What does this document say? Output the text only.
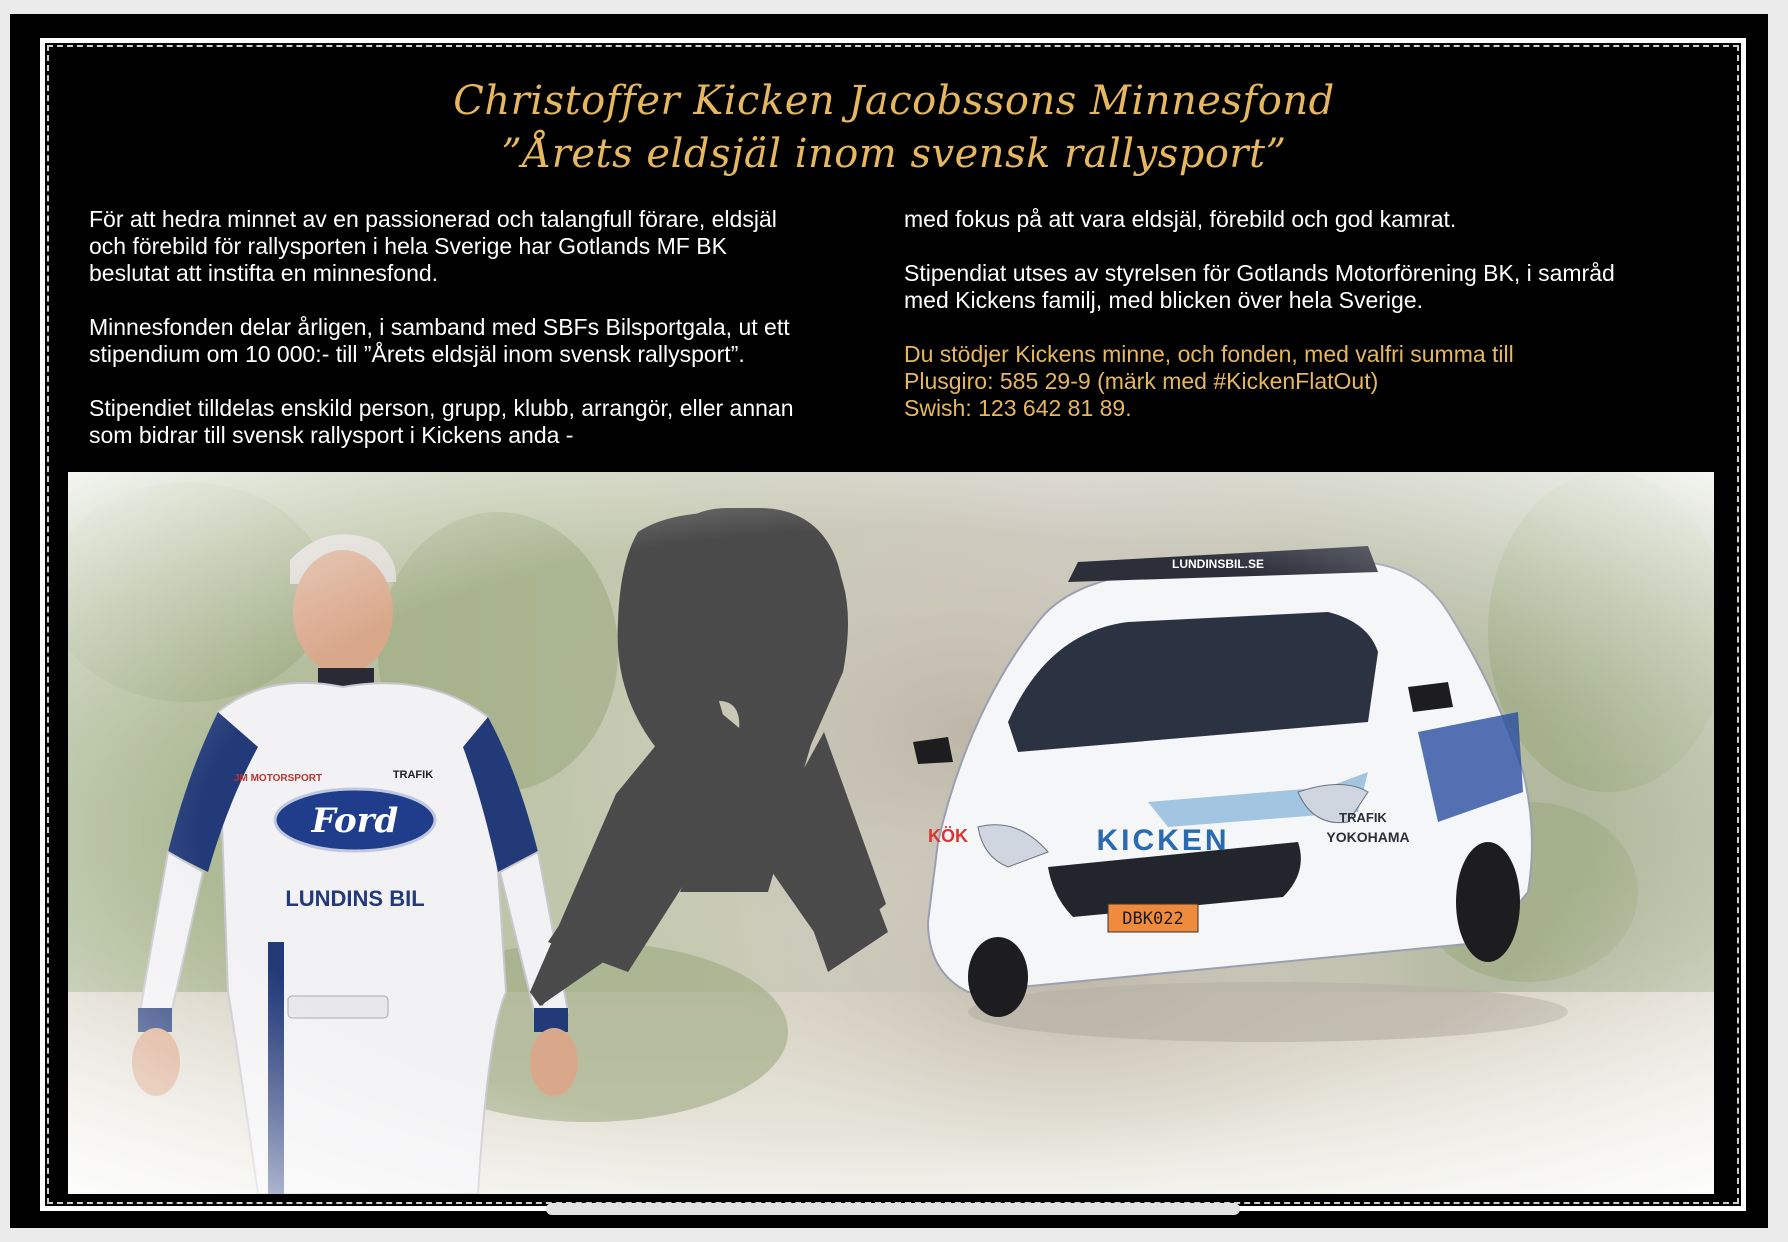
Christoffer Kicken Jacobssons Minnesfond
”Årets eldsjäl inom svensk rallysport”

För att hedra minnet av en passionerad och talangfull förare, eldsjäl
och förebild för rallysporten i hela Sverige har Gotlands MF BK
beslutat att instifta en minnesfond.

Minnesfonden delar årligen, i samband med SBFs Bilsportgala, ut ett
stipendium om 10 000:- till ”Årets eldsjäl inom svensk rallysport”.

Stipendiet tilldelas enskild person, grupp, klubb, arrangör, eller annan
som bidrar till svensk rallysport i Kickens anda -

med fokus på att vara eldsjäl, förebild och god kamrat.

Stipendiat utses av styrelsen för Gotlands Motorförening BK, i samråd
med Kickens familj, med blicken över hela Sverige.

Du stödjer Kickens minne, och fonden, med valfri summa till
Plusgiro: 585 29-9 (märk med #KickenFlatOut)
Swish: 123 642 81 89.
